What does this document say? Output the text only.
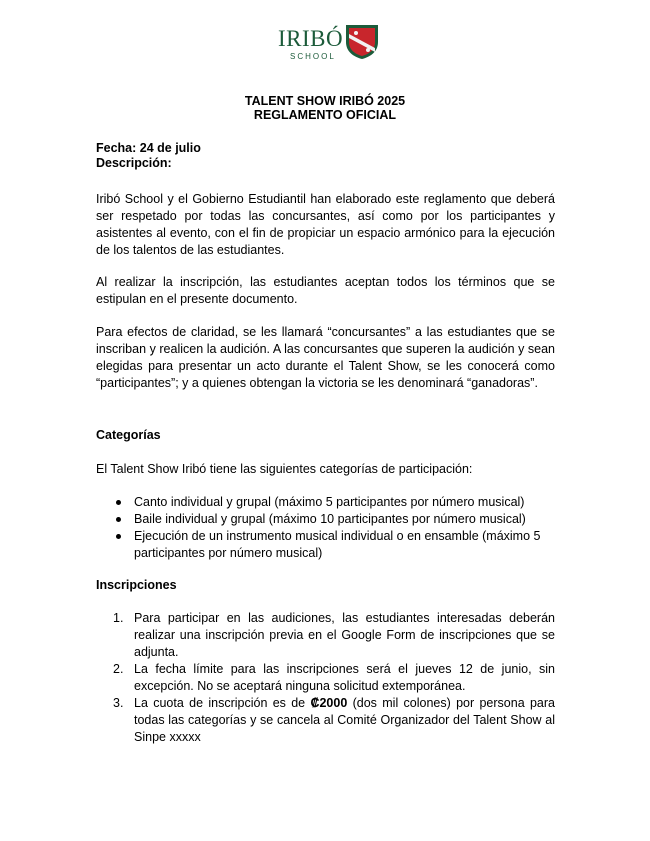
IRIBÓ
SCHOOL
TALENT SHOW IRIBÓ 2025
REGLAMENTO OFICIAL
Fecha: 24 de julio
Descripción:
Iribó School y el Gobierno Estudiantil han elaborado este reglamento que deberá ser respetado por todas las concursantes, así como por los participantes y asistentes al evento, con el fin de propiciar un espacio armónico para la ejecución de los talentos de las estudiantes.
Al realizar la inscripción, las estudiantes aceptan todos los términos que se estipulan en el presente documento.
Para efectos de claridad, se les llamará “concursantes” a las estudiantes que se inscriban y realicen la audición. A las concursantes que superen la audición y sean elegidas para presentar un acto durante el Talent Show, se les conocerá como “participantes”; y a quienes obtengan la victoria se les denominará “ganadoras”.
Categorías
El Talent Show Iribó tiene las siguientes categorías de participación:
Canto individual y grupal (máximo 5 participantes por número musical)
Baile individual y grupal (máximo 10 participantes por número musical)
Ejecución de un instrumento musical individual o en ensamble (máximo 5 participantes por número musical)
Inscripciones
1. Para participar en las audiciones, las estudiantes interesadas deberán realizar una inscripción previa en el Google Form de inscripciones que se adjunta.
2. La fecha límite para las inscripciones será el jueves 12 de junio, sin excepción. No se aceptará ninguna solicitud extemporánea.
3. La cuota de inscripción es de ₡2000 (dos mil colones) por persona para todas las categorías y se cancela al Comité Organizador del Talent Show al Sinpe xxxxx
